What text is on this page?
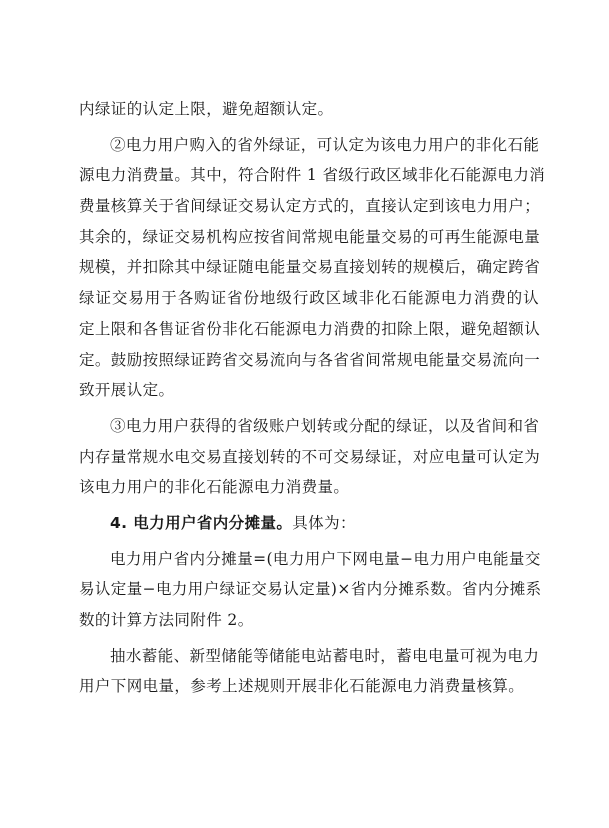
内绿证的认定上限，避免超额认定。
②电力用户购入的省外绿证，可认定为该电力用户的非化石能
源电力消费量。其中，符合附件 1 省级行政区域非化石能源电力消
费量核算关于省间绿证交易认定方式的，直接认定到该电力用户；
其余的，绿证交易机构应按省间常规电能量交易的可再生能源电量
规模，并扣除其中绿证随电能量交易直接划转的规模后，确定跨省
绿证交易用于各购证省份地级行政区域非化石能源电力消费的认
定上限和各售证省份非化石能源电力消费的扣除上限，避免超额认
定。鼓励按照绿证跨省交易流向与各省省间常规电能量交易流向一
致开展认定。
③电力用户获得的省级账户划转或分配的绿证，以及省间和省
内存量常规水电交易直接划转的不可交易绿证，对应电量可认定为
该电力用户的非化石能源电力消费量。
4. 电力用户省内分摊量。具体为：
电力用户省内分摊量=(电力用户下网电量−电力用户电能量交
易认定量−电力用户绿证交易认定量)×省内分摊系数。省内分摊系
数的计算方法同附件 2。
抽水蓄能、新型储能等储能电站蓄电时，蓄电电量可视为电力
用户下网电量，参考上述规则开展非化石能源电力消费量核算。
